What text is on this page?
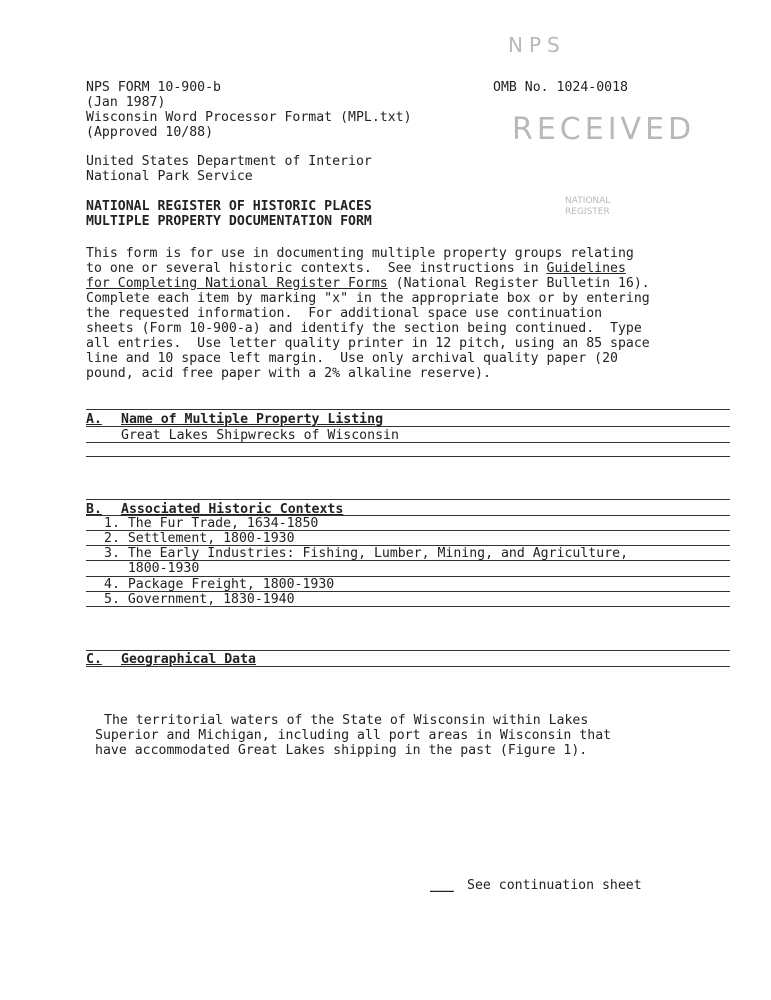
NPS FORM 10-900-b
(Jan 1987)
Wisconsin Word Processor Format (MPL.txt)
(Approved 10/88)
OMB No. 1024-0018
United States Department of Interior
National Park Service
NATIONAL REGISTER OF HISTORIC PLACES
MULTIPLE PROPERTY DOCUMENTATION FORM
NPS
RECEIVED
NATIONAL
REGISTER
This form is for use in documenting multiple property groups relating
to one or several historic contexts.  See instructions in Guidelines
for Completing National Register Forms (National Register Bulletin 16).
Complete each item by marking "x" in the appropriate box or by entering
the requested information.  For additional space use continuation
sheets (Form 10-900-a) and identify the section being continued.  Type
all entries.  Use letter quality printer in 12 pitch, using an 85 space
line and 10 space left margin.  Use only archival quality paper (20
pound, acid free paper with a 2% alkaline reserve).
A. Name of Multiple Property Listing
Great Lakes Shipwrecks of Wisconsin
B. Associated Historic Contexts
1. The Fur Trade, 1634-1850
2. Settlement, 1800-1930
3. The Early Industries: Fishing, Lumber, Mining, and Agriculture,
1800-1930
4. Package Freight, 1800-1930
5. Government, 1830-1940
C. Geographical Data
The territorial waters of the State of Wisconsin within Lakes
Superior and Michigan, including all port areas in Wisconsin that
have accommodated Great Lakes shipping in the past (Figure 1).
___ See continuation sheet
